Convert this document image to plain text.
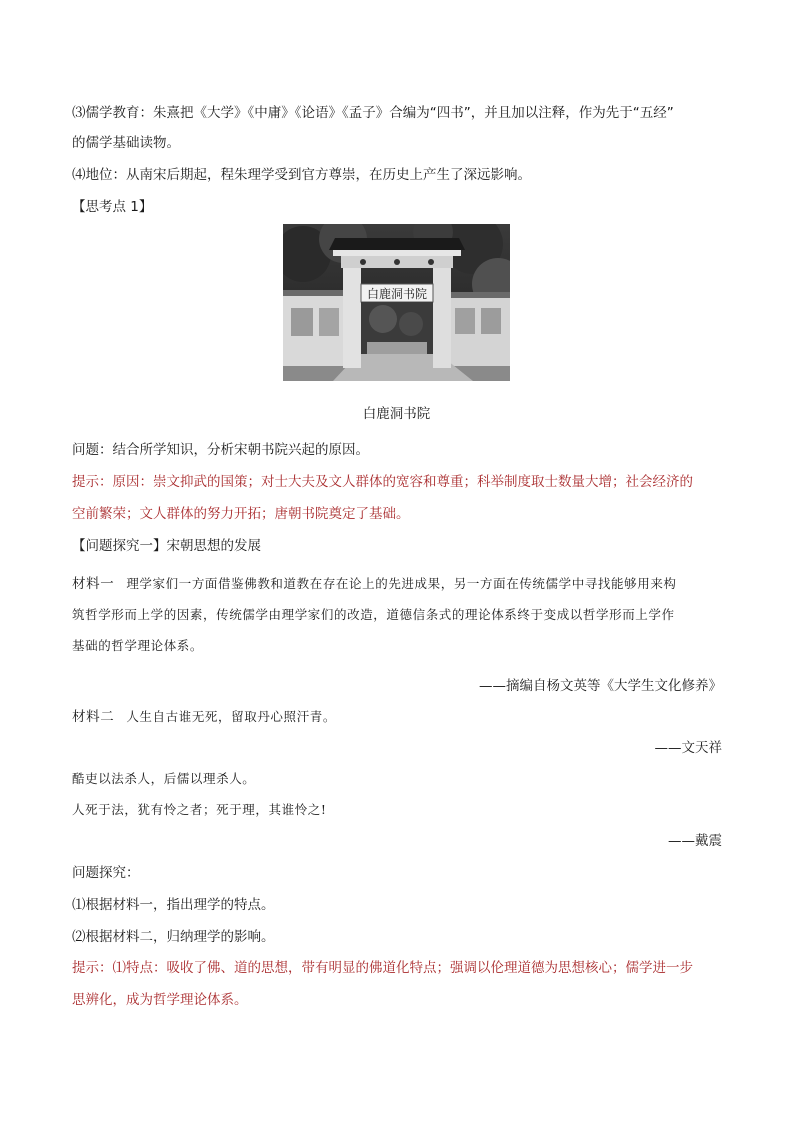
⑶儒学教育：朱熹把《大学》《中庸》《论语》《孟子》合编为“四书”，并且加以注释，作为先于“五经”
的儒学基础读物。
⑷地位：从南宋后期起，程朱理学受到官方尊崇，在历史上产生了深远影响。
【思考点 1】
白鹿洞书院
白鹿洞书院
问题：结合所学知识，分析宋朝书院兴起的原因。
提示：原因：崇文抑武的国策；对士大夫及文人群体的宽容和尊重；科举制度取士数量大增；社会经济的
空前繁荣；文人群体的努力开拓；唐朝书院奠定了基础。
【问题探究一】宋朝思想的发展
材料一 理学家们一方面借鉴佛教和道教在存在论上的先进成果，另一方面在传统儒学中寻找能够用来构
筑哲学形而上学的因素，传统儒学由理学家们的改造，道德信条式的理论体系终于变成以哲学形而上学作
基础的哲学理论体系。
——摘编自杨文英等《大学生文化修养》
材料二 人生自古谁无死，留取丹心照汗青。
——文天祥
酷吏以法杀人，后儒以理杀人。
人死于法，犹有怜之者；死于理，其谁怜之!
——戴震
问题探究：
⑴根据材料一，指出理学的特点。
⑵根据材料二，归纳理学的影响。
提示：⑴特点：吸收了佛、道的思想，带有明显的佛道化特点；强调以伦理道德为思想核心；儒学进一步
思辨化，成为哲学理论体系。
